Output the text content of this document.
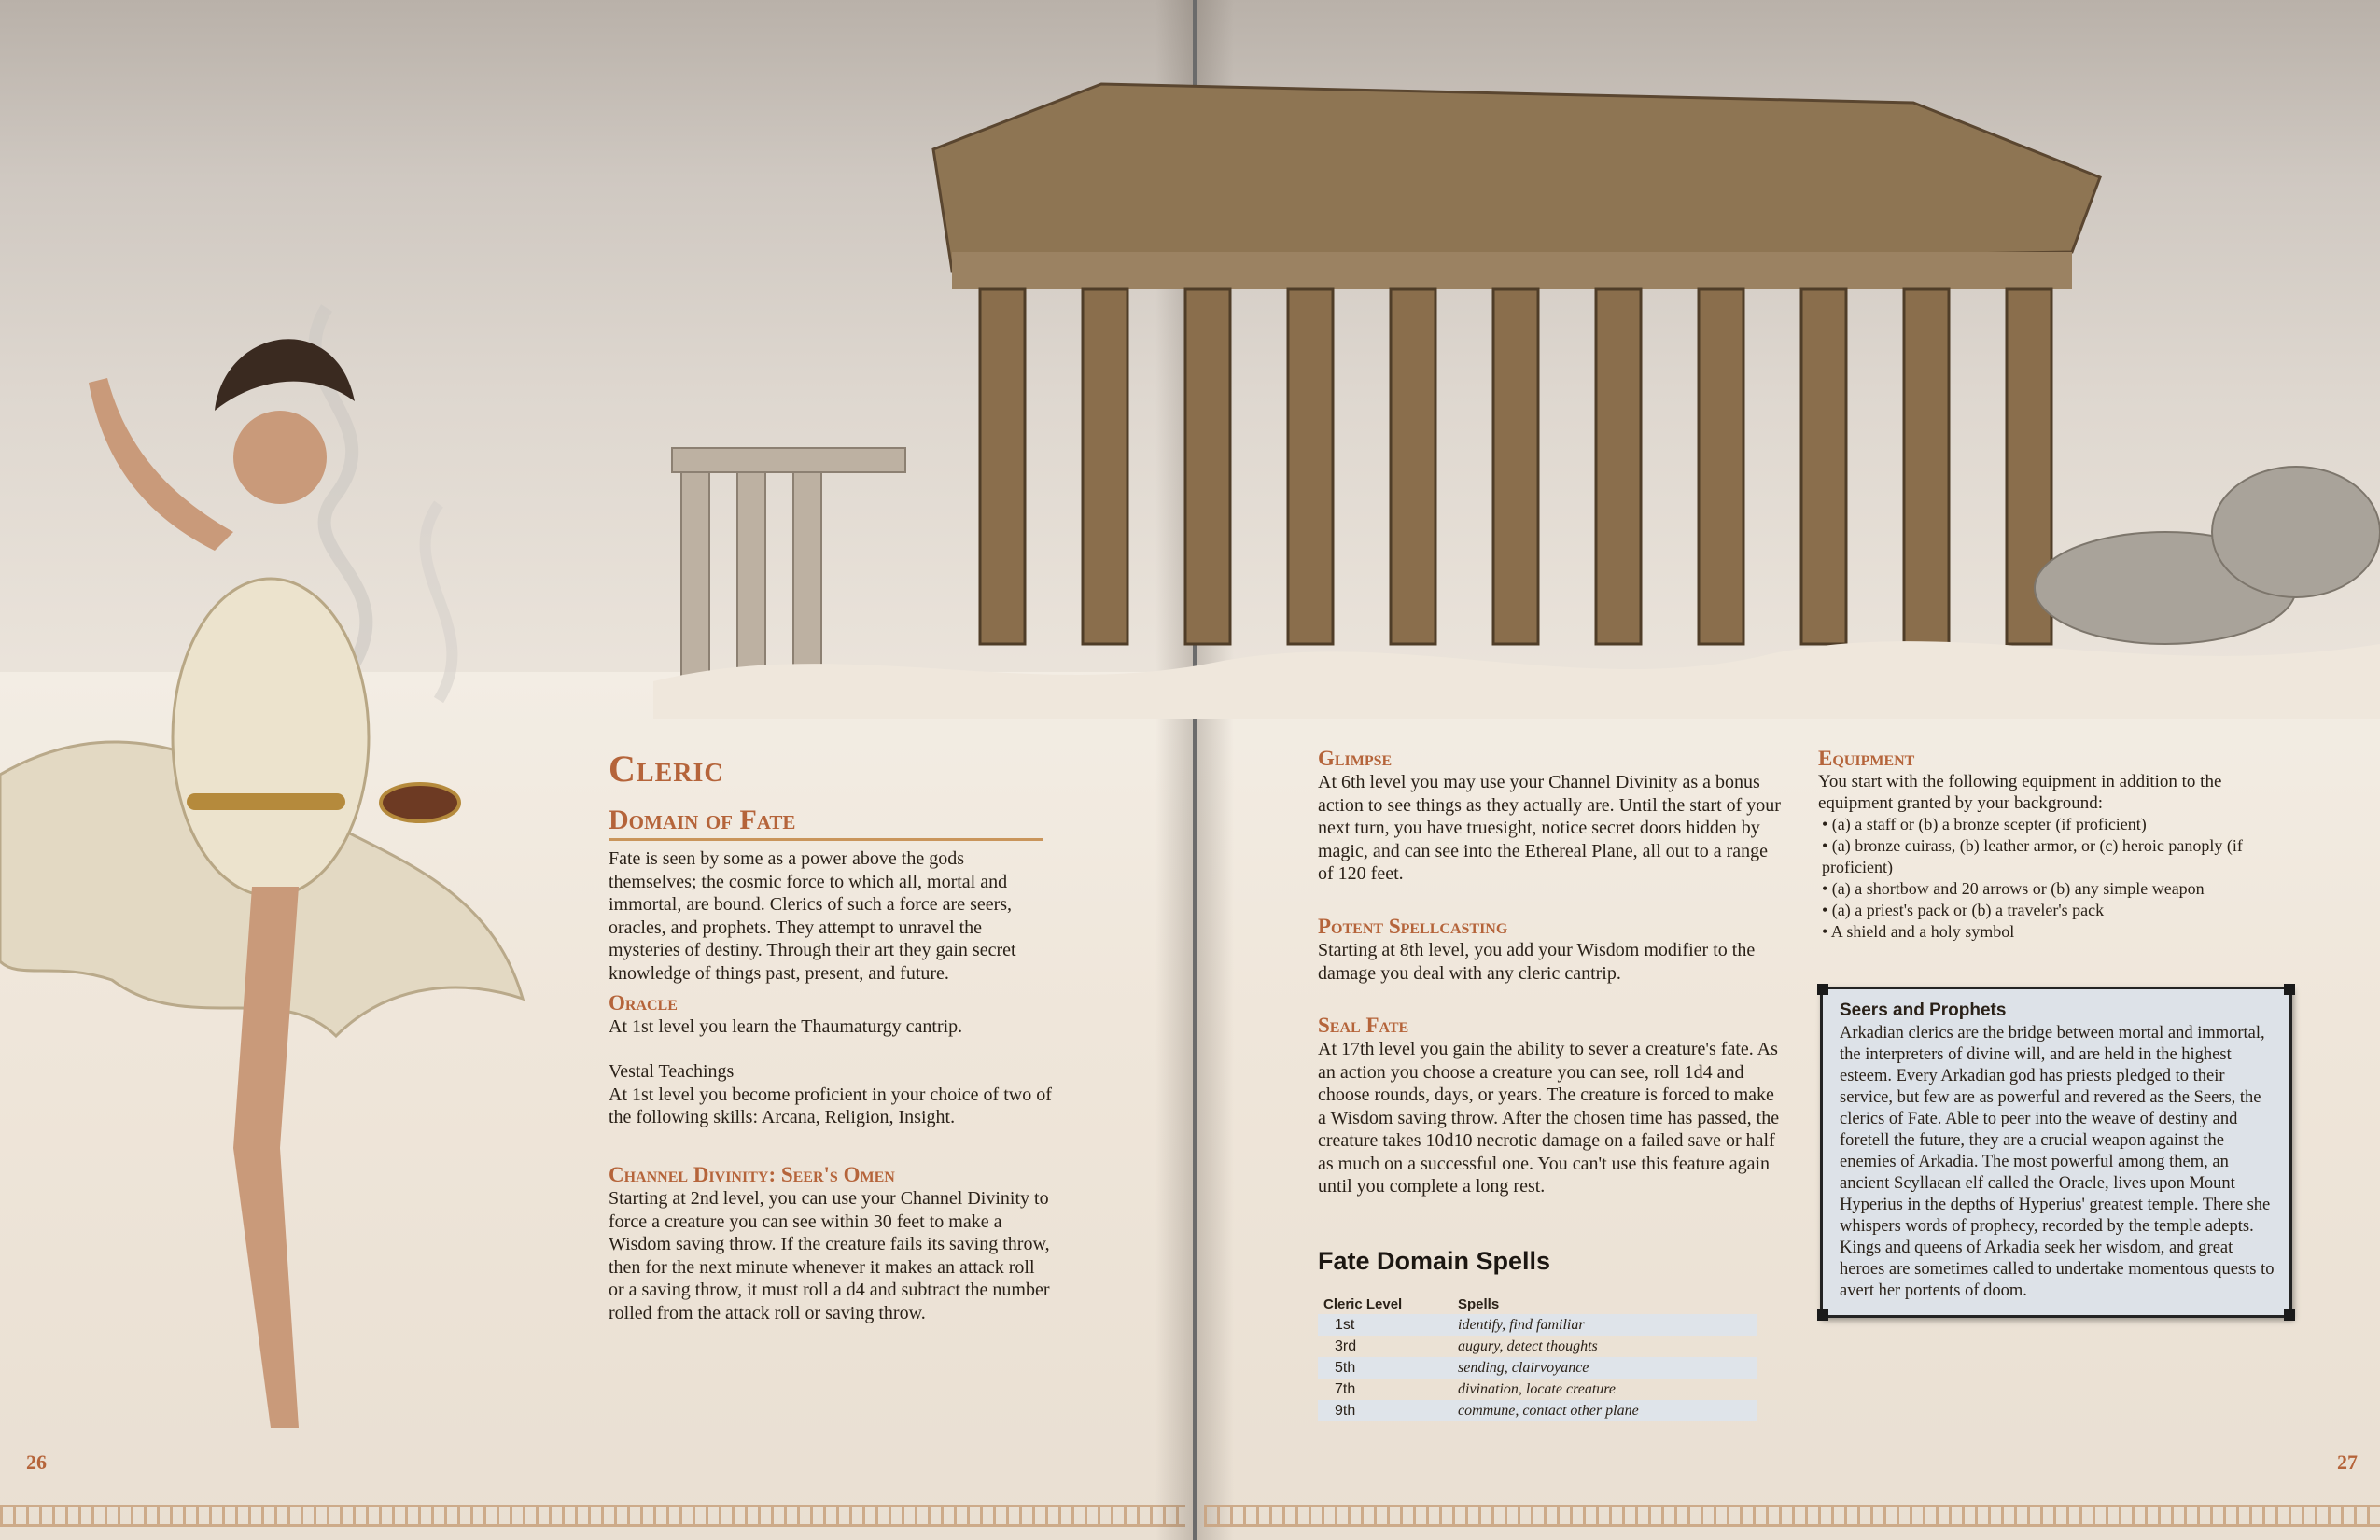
Cleric
Domain of Fate

Fate is seen by some as a power above the gods themselves; the cosmic force to which all, mortal and immortal, are bound. Clerics of such a force are seers, oracles, and prophets. They attempt to unravel the mysteries of destiny. Through their art they gain secret knowledge of things past, present, and future.

Oracle

At 1st level you learn the Thaumaturgy cantrip.

Vestal Teachings

At 1st level you become proficient in your choice of two of the following skills: Arcana, Religion, Insight.

Channel Divinity: Seer's Omen

Starting at 2nd level, you can use your Channel Divinity to force a creature you can see within 30 feet to make a Wisdom saving throw. If the creature fails its saving throw, then for the next minute whenever it makes an attack roll or a saving throw, it must roll a d4 and subtract the number rolled from the attack roll or saving throw.

26
Glimpse

At 6th level you may use your Channel Divinity as a bonus action to see things as they actually are. Until the start of your next turn, you have truesight, notice secret doors hidden by magic, and can see into the Ethereal Plane, all out to a range of 120 feet.

Potent Spellcasting

Starting at 8th level, you add your Wisdom modifier to the damage you deal with any cleric cantrip.

Seal Fate

At 17th level you gain the ability to sever a creature's fate. As an action you choose a creature you can see, roll 1d4 and choose rounds, days, or years. The creature is forced to make a Wisdom saving throw. After the chosen time has passed, the creature takes 10d10 necrotic damage on a failed save or half as much on a successful one. You can't use this feature again until you complete a long rest.

Fate Domain Spells
Cleric Level	Spells
1st	identify, find familiar
3rd	augury, detect thoughts
5th	sending, clairvoyance
7th	divination, locate creature
9th	commune, contact other plane
Equipment

You start with the following equipment in addition to the equipment granted by your background:

• (a) a staff or (b) a bronze scepter (if proficient)

• (a) bronze cuirass, (b) leather armor, or (c) heroic panoply (if proficient)

• (a) a shortbow and 20 arrows or (b) any simple weapon

• (a) a priest's pack or (b) a traveler's pack

• A shield and a holy symbol

27

Seers and Prophets

Arkadian clerics are the bridge between mortal and immortal, the interpreters of divine will, and are held in the highest esteem. Every Arkadian god has priests pledged to their service, but few are as powerful and revered as the Seers, the clerics of Fate. Able to peer into the weave of destiny and foretell the future, they are a crucial weapon against the enemies of Arkadia. The most powerful among them, an ancient Scyllaean elf called the Oracle, lives upon Mount Hyperius in the depths of Hyperius' greatest temple. There she whispers words of prophecy, recorded by the temple adepts. Kings and queens of Arkadia seek her wisdom, and great heroes are sometimes called to undertake momentous quests to avert her portents of doom.
